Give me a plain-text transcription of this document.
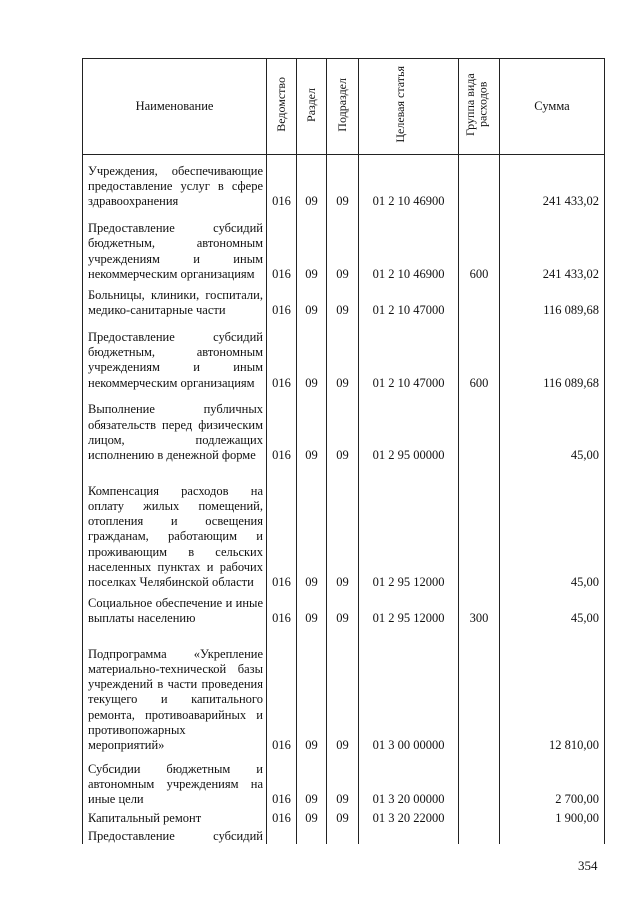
Наименование	Ведомство	Раздел	Подраздел	Целевая статья	Группа вида расходов	Сумма
Учреждения, обеспечивающие предоставление услуг в сфере здравоохранения	016	09	09	01 2 10 46900		241 433,02
Предоставление субсидий бюджетным, автономным учреждениям и иным некоммерческим организациям	016	09	09	01 2 10 46900	600	241 433,02
Больницы, клиники, госпитали, медико-санитарные части	016	09	09	01 2 10 47000		116 089,68
Предоставление субсидий бюджетным, автономным учреждениям и иным некоммерческим организациям	016	09	09	01 2 10 47000	600	116 089,68
Выполнение публичных обязательств перед физическим лицом, подлежащих исполнению в денежной форме	016	09	09	01 2 95 00000		45,00
Компенсация расходов на оплату жилых помещений, отопления и освещения гражданам, работающим и проживающим в сельских населенных пунктах и рабочих поселках Челябинской области	016	09	09	01 2 95 12000		45,00
Социальное обеспечение и иные выплаты населению	016	09	09	01 2 95 12000	300	45,00
Подпрограмма «Укрепление материально-технической базы учреждений в части проведения текущего и капитального ремонта, противоаварийных и противопожарных мероприятий»	016	09	09	01 3 00 00000		12 810,00
Субсидии бюджетным и автономным учреждениям на иные цели	016	09	09	01 3 20 00000		2 700,00
Капитальный ремонт	016	09	09	01 3 20 22000		1 900,00
Предоставление субсидий						
354
